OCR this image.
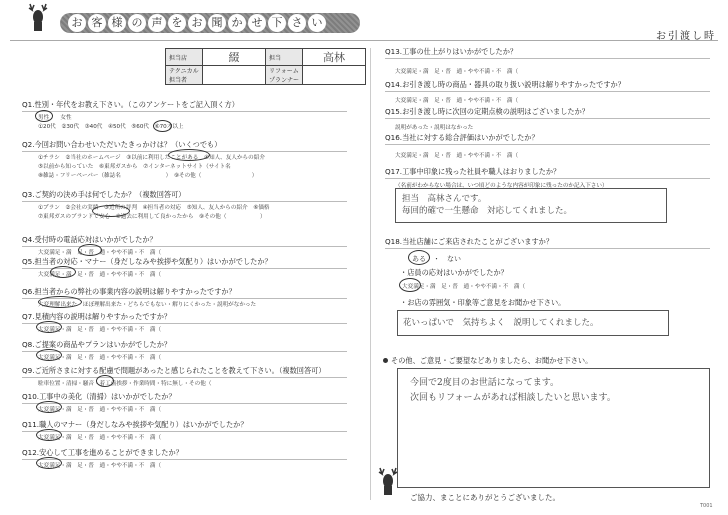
お 客 様 の 声 を お 聞 か せ 下 さ い
お引渡し時
担当店	綴	担当	高林
テクニカル担当者		リフォームプランナー	
Q1.性別・年代をお教え下さい。（このアンケートをご記入頂く方）
男性　　女性
①20代　②30代　③40代　④50代　⑤60代　⑥70才以上
Q2.今回お問い合わせいただいたきっかけは？（いくつでも）
①チラシ　②当社のホームページ　③以前に利用したことがある　④知人、友人からの紹介
⑤以前から知っていた　⑥東邦ガスから　⑦インターネットサイト（サイト名
⑧雑誌・フリーペーパー（雑誌名　　　　　　　　）　⑨その他（　　　　　　　　　）
Q3.ご契約の決め手は何でしたか？（複数回答可）
①プラン　②会社の実績　③近所の評判　④担当者の対応　⑤知人、友人からの紹介　⑥価格
⑦東邦ガスのブランドで安心　⑧過去に利用して良かったから　⑨その他（　　　　　　）
Q4.受付時の電話応対はいかがでしたか？
大変満足・満　足・普　通・やや不満・不　満（
Q5.担当者の対応・マナー（身だしなみや挨拶や気配り）はいかがでしたか？
大変満足・満　足・普　通・やや不満・不　満（
Q6.担当者からの弊社の事業内容の説明は解りやすかったですか？
大変理解出来た・ほぼ理解出来た・どちらでもない・解りにくかった・説明がなかった
Q7.見積内容の説明は解りやすかったですか？
大変満足・満　足・普　通・やや不満・不　満（
Q8.ご提案の商品やプランはいかがでしたか？
大変満足・満　足・普　通・やや不満・不　満（
Q9.ご近所さまに対する配慮で問題があったと感じられたことを教えて下さい。（複数回答可）
駐車位置・清掃・騒音・着工前挨拶・作業時間・特に無し・その他（
Q10.工事中の美化（清掃）はいかがでしたか？
大変満足・満　足・普　通・やや不満・不　満（
Q11.職人のマナー（身だしなみや挨拶や気配り）はいかがでしたか？
大変満足・満　足・普　通・やや不満・不　満（
Q12.安心して工事を進めることができましたか？
大変満足・満　足・普　通・やや不満・不　満（
Q13.工事の仕上がりはいかがでしたか？
大変満足・満　足・普　通・やや不満・不　満（
Q14.お引き渡し時の商品・器具の取り扱い説明は解りやすかったですか？
大変満足・満　足・普　通・やや不満・不　満（
Q15.お引き渡し時に次回の定期点検の説明はございましたか？
説明があった・説明はなかった
Q16.当社に対する総合評価はいかがでしたか？
大変満足・満　足・普　通・やや不満・不　満（
Q17.工事中印象に残った社員や職人はおりましたか？
（名前がわからない場合は、いつ頃どのような内容が印象に残ったのか記入下さい）
担当　高林さんです。
毎回的確で一生懸命　対応してくれました。
Q18.当社店舗にご来店されたことがございますか？
ある　・　ない
・店員の応対はいかがでしたか？
大変満足・満　足・普　通・やや不満・不　満（
・お店の雰囲気・印象等ご意見をお聞かせ下さい。
花いっぱいで　気持ちよく　説明してくれました。
その他、ご意見・ご要望などありましたら、お聞かせ下さい。
今回で2度目のお世話になってます。
次回もリフォームがあれば相談したいと思います。
ご協力、まことにありがとうございました。
T001
